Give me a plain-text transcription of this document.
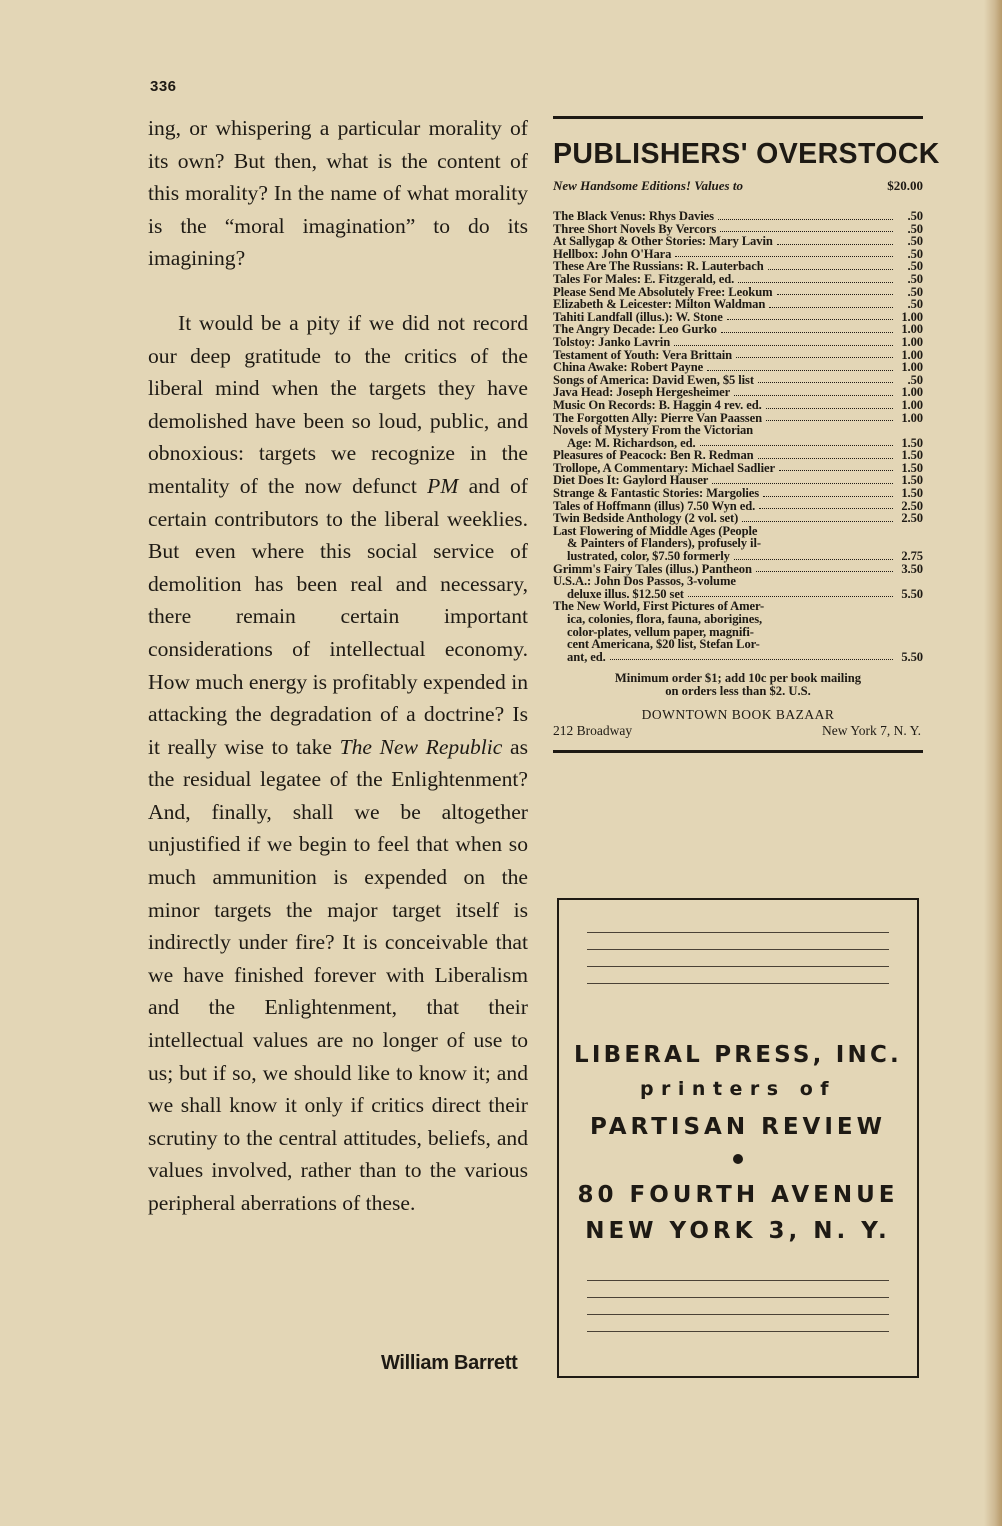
336

ing, or whispering a particular morality of its own? But then, what is the content of this morality? In the name of what morality is the “moral imagination” to do its imagining?

It would be a pity if we did not record our deep gratitude to the critics of the liberal mind when the targets they have demolished have been so loud, public, and obnoxious: targets we recognize in the mentality of the now defunct PM and of certain contributors to the liberal weeklies. But even where this social service of demolition has been real and necessary, there remain certain important considerations of intellectual economy. How much energy is profitably expended in attacking the degradation of a doctrine? Is it really wise to take The New Republic as the residual legatee of the Enlightenment? And, finally, shall we be altogether unjustified if we begin to feel that when so much ammunition is expended on the minor targets the major target itself is indirectly under fire? It is conceivable that we have finished forever with Liberalism and the Enlightenment, that their intellectual values are no longer of use to us; but if so, we should like to know it; and we shall know it only if critics direct their scrutiny to the central attitudes, beliefs, and values involved, rather than to the various peripheral aberrations of these.

William Barrett
PUBLISHERS' OVERSTOCK
New Handsome Editions! Values to	$20.00
The Black Venus: Rhys Davies	.50
Three Short Novels By Vercors	.50
At Sallygap & Other Stories: Mary Lavin	.50
Hellbox: John O'Hara	.50
These Are The Russians: R. Lauterbach	.50
Tales For Males: E. Fitzgerald, ed.	.50
Please Send Me Absolutely Free: Leokum	.50
Elizabeth & Leicester: Milton Waldman	.50
Tahiti Landfall (illus.): W. Stone	1.00
The Angry Decade: Leo Gurko	1.00
Tolstoy: Janko Lavrin	1.00
Testament of Youth: Vera Brittain	1.00
China Awake: Robert Payne	1.00
Songs of America: David Ewen, $5 list	.50
Java Head: Joseph Hergesheimer	1.00
Music On Records: B. Haggin 4 rev. ed.	1.00
The Forgotten Ally: Pierre Van Paassen	1.00
Novels of Mystery From the Victorian
Age: M. Richardson, ed.	1.50
Pleasures of Peacock: Ben R. Redman	1.50
Trollope, A Commentary: Michael Sadlier	1.50
Diet Does It: Gaylord Hauser	1.50
Strange & Fantastic Stories: Margolies	1.50
Tales of Hoffmann (illus) 7.50 Wyn ed.	2.50
Twin Bedside Anthology (2 vol. set)	2.50
Last Flowering of Middle Ages (People
& Painters of Flanders), profusely il-
lustrated, color, $7.50 formerly	2.75
Grimm's Fairy Tales (illus.) Pantheon	3.50
U.S.A.: John Dos Passos, 3-volume
deluxe illus. $12.50 set	5.50
The New World, First Pictures of Amer-
ica, colonies, flora, fauna, aborigines,
color-plates, vellum paper, magnifi-
cent Americana, $20 list, Stefan Lor-
ant, ed.	5.50
Minimum order $1; add 10c per book mailing
on orders less than $2. U.S.
DOWNTOWN BOOK BAZAAR
212 Broadway	New York 7, N. Y.
LIBERAL PRESS, INC.
printers of
PARTISAN REVIEW
80 FOURTH AVENUE
NEW YORK 3, N. Y.
